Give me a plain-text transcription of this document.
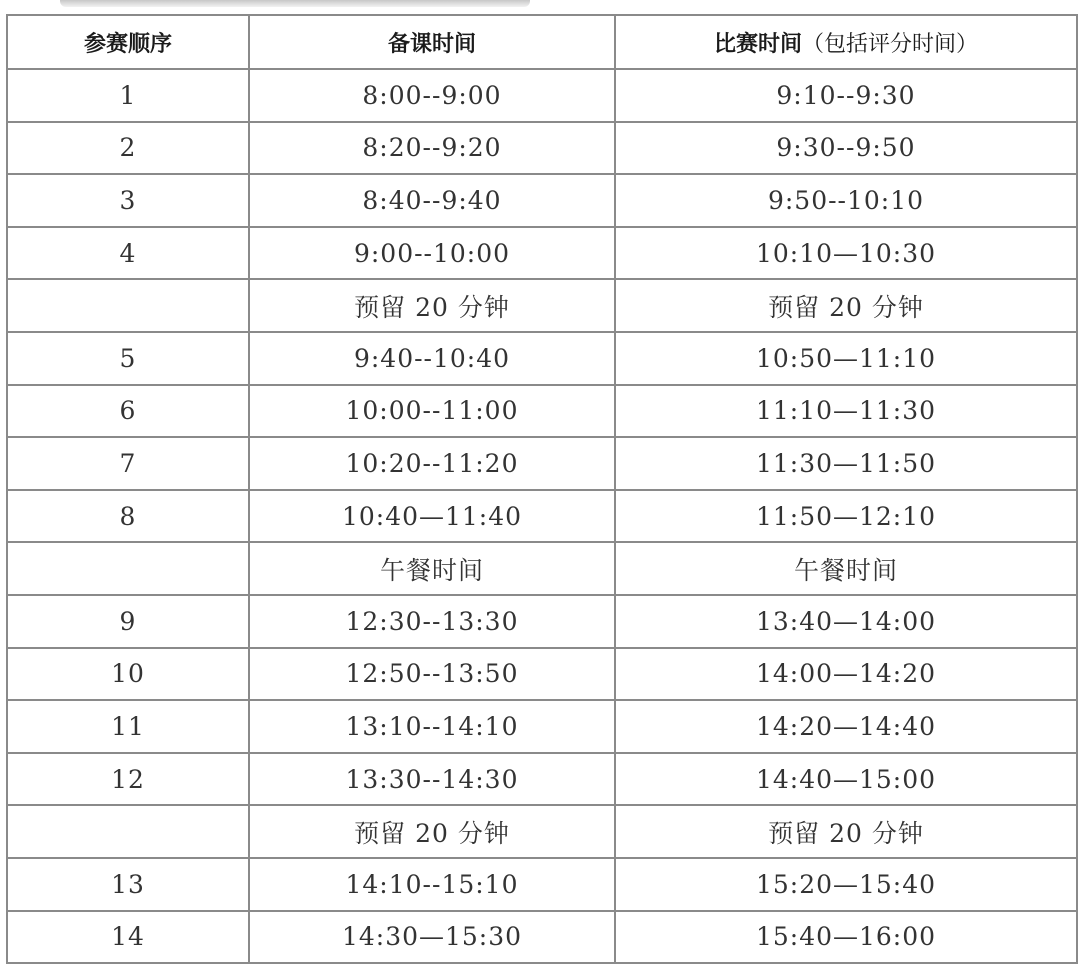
参赛顺序	备课时间	比赛时间（包括评分时间）
1	8:00--9:00	9:10--9:30
2	8:20--9:20	9:30--9:50
3	8:40--9:40	9:50--10:10
4	9:00--10:00	10:10—10:30
	预留 20 分钟	预留 20 分钟
5	9:40--10:40	10:50—11:10
6	10:00--11:00	11:10—11:30
7	10:20--11:20	11:30—11:50
8	10:40—11:40	11:50—12:10
	午餐时间	午餐时间
9	12:30--13:30	13:40—14:00
10	12:50--13:50	14:00—14:20
11	13:10--14:10	14:20—14:40
12	13:30--14:30	14:40—15:00
	预留 20 分钟	预留 20 分钟
13	14:10--15:10	15:20—15:40
14	14:30—15:30	15:40—16:00
